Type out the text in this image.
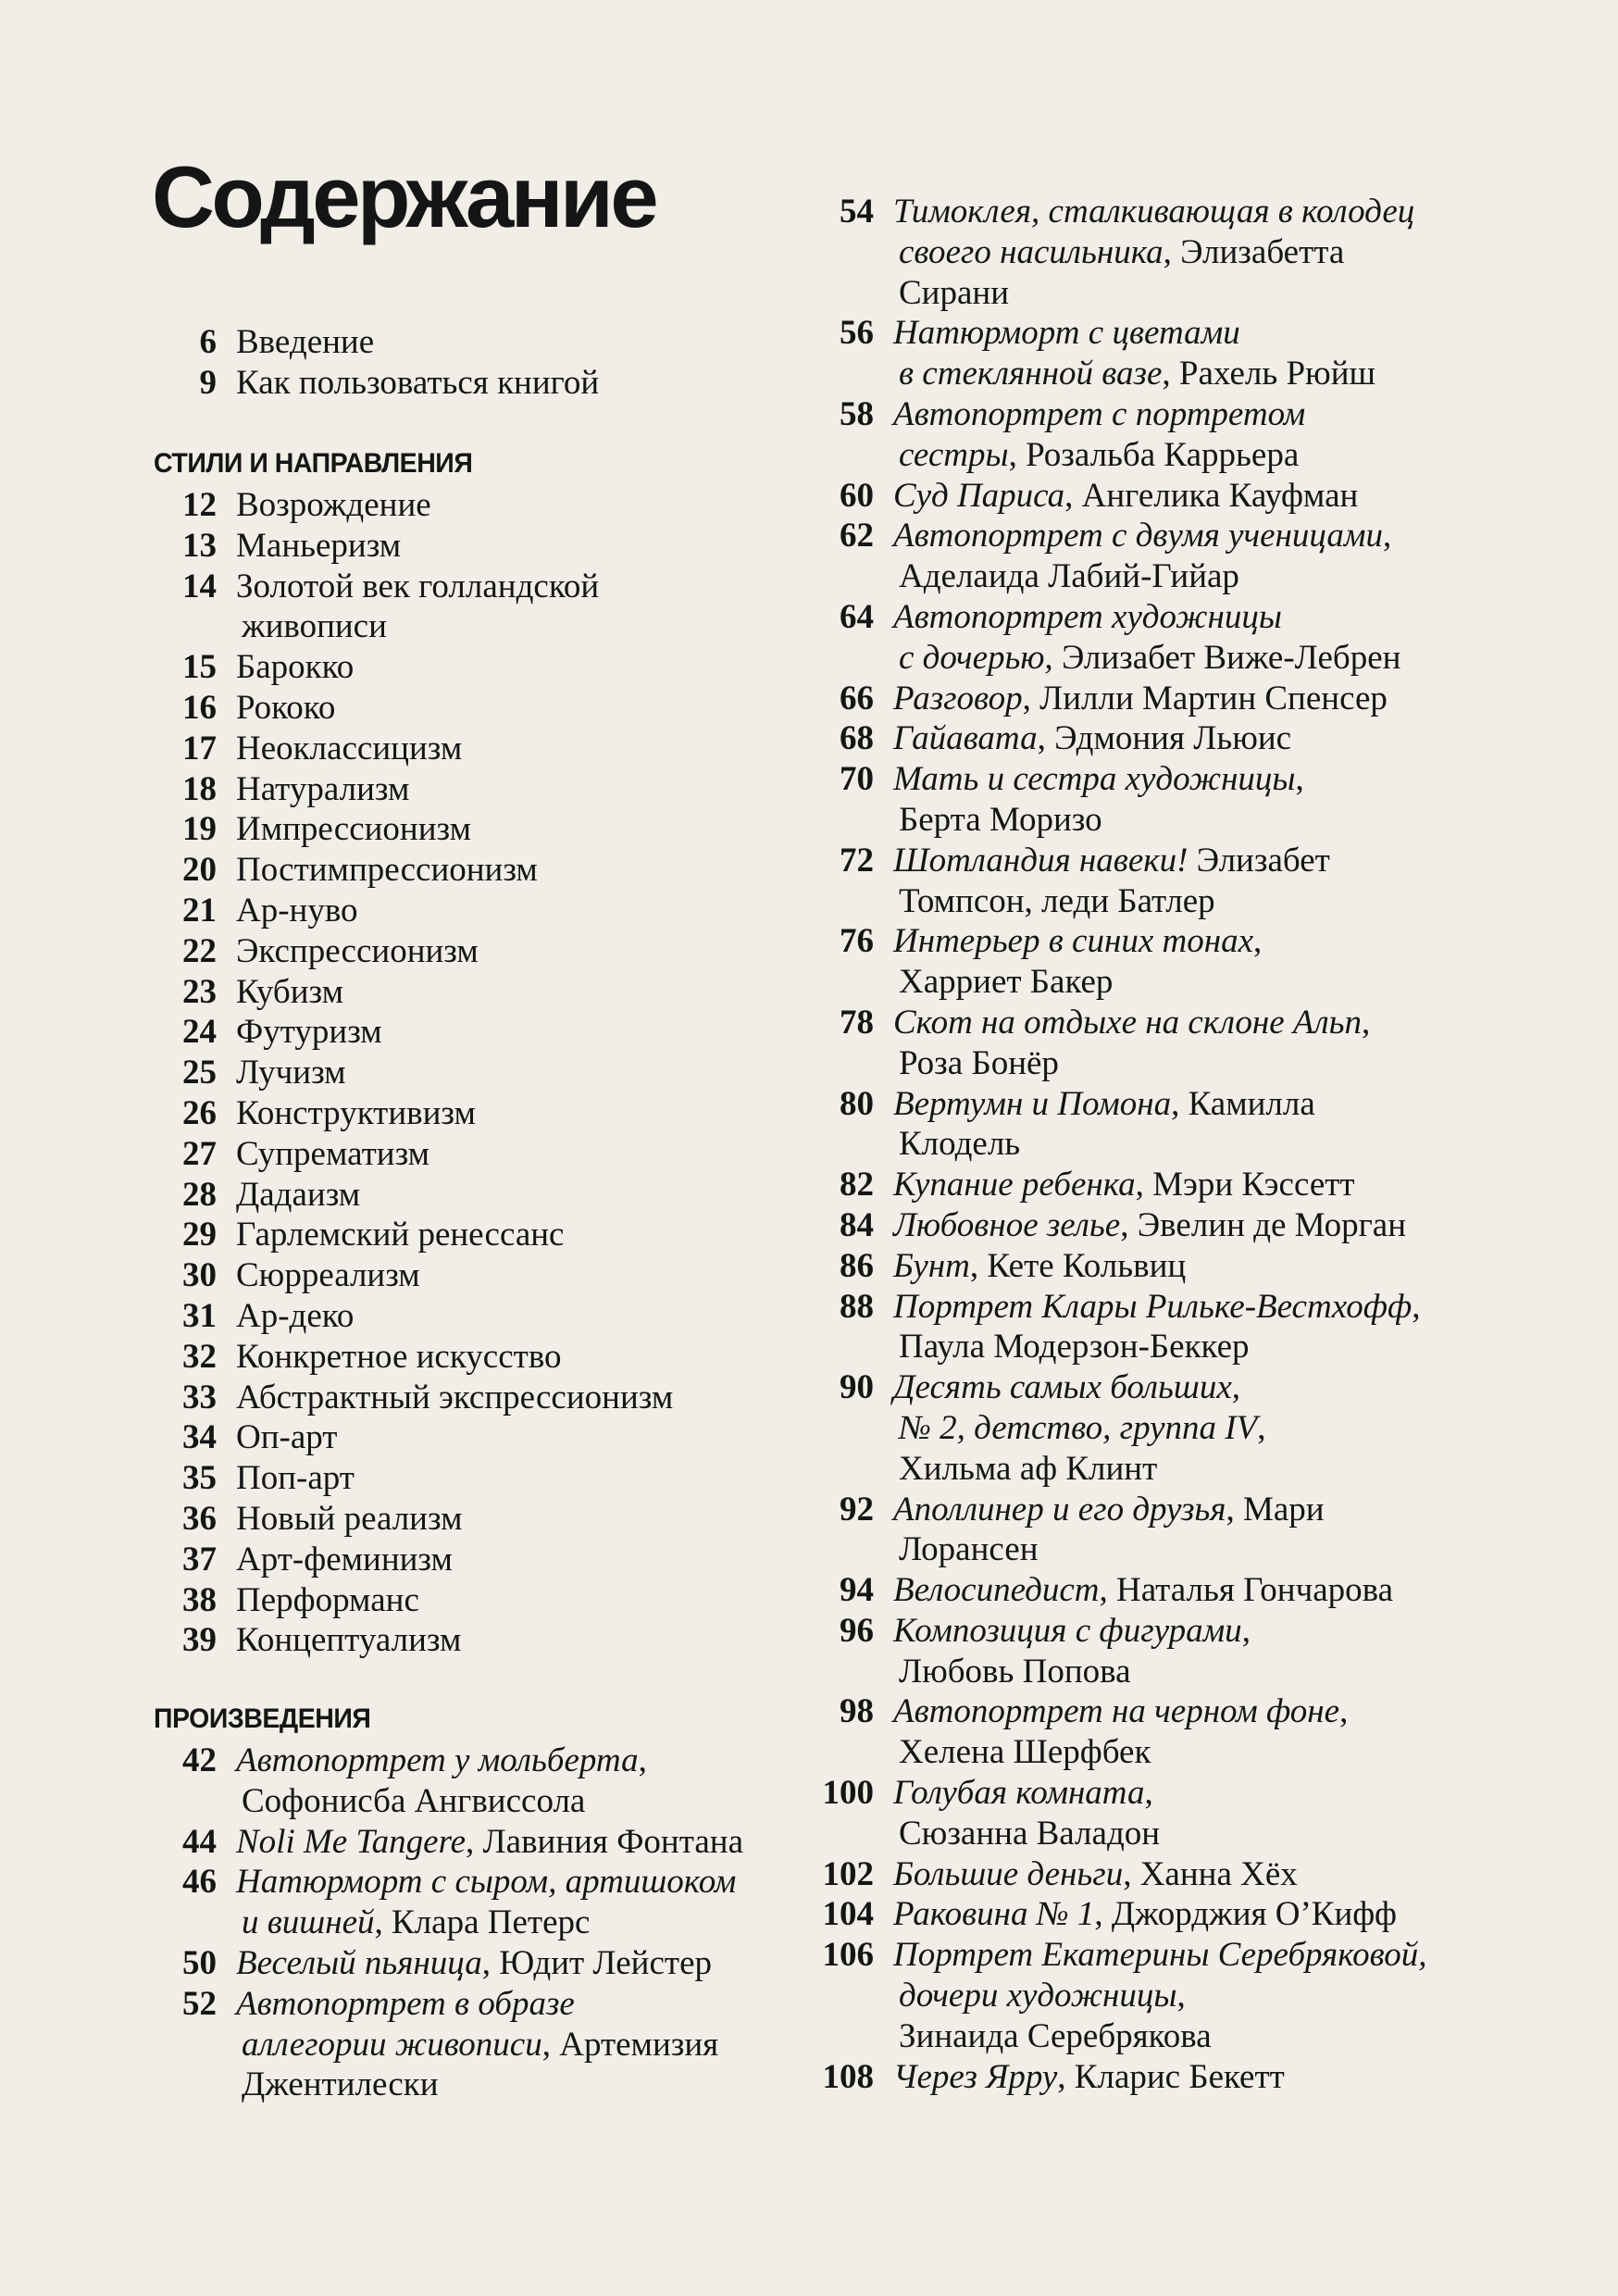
Содержание
6 Введение
9 Как пользоваться книгой
СТИЛИ И НАПРАВЛЕНИЯ
12 Возрождение
13 Маньеризм
14 Золотой век голландской
живописи
15 Барокко
16 Рококо
17 Неоклассицизм
18 Натурализм
19 Импрессионизм
20 Постимпрессионизм
21 Ар-нуво
22 Экспрессионизм
23 Кубизм
24 Футуризм
25 Лучизм
26 Конструктивизм
27 Супрематизм
28 Дадаизм
29 Гарлемский ренессанс
30 Сюрреализм
31 Ар-деко
32 Конкретное искусство
33 Абстрактный экспрессионизм
34 Оп-арт
35 Поп-арт
36 Новый реализм
37 Арт-феминизм
38 Перформанс
39 Концептуализм
ПРОИЗВЕДЕНИЯ
42 Автопортрет у мольберта,
Софонисба Ангвиссола
44 Noli Me Tangere, Лавиния Фонтана
46 Натюрморт с сыром, артишоком
и вишней, Клара Петерс
50 Веселый пьяница, Юдит Лейстер
52 Автопортрет в образе
аллегории живописи, Артемизия
Джентилески
54 Тимоклея, сталкивающая в колодец
своего насильника, Элизабетта
Сирани
56 Натюрморт с цветами
в стеклянной вазе, Рахель Рюйш
58 Автопортрет с портретом
сестры, Розальба Каррьера
60 Суд Париса, Ангелика Кауфман
62 Автопортрет с двумя ученицами,
Аделаида Лабий-Гийар
64 Автопортрет художницы
с дочерью, Элизабет Виже-Лебрен
66 Разговор, Лилли Мартин Спенсер
68 Гайавата, Эдмония Льюис
70 Мать и сестра художницы,
Берта Моризо
72 Шотландия навеки! Элизабет
Томпсон, леди Батлер
76 Интерьер в синих тонах,
Харриет Бакер
78 Скот на отдыхе на склоне Альп,
Роза Бонёр
80 Вертумн и Помона, Камилла
Клодель
82 Купание ребенка, Мэри Кэссетт
84 Любовное зелье, Эвелин де Морган
86 Бунт, Кете Кольвиц
88 Портрет Клары Рильке-Вестхофф,
Паула Модерзон-Беккер
90 Десять самых больших,
№ 2, детство, группа IV,
Хильма аф Клинт
92 Аполлинер и его друзья, Мари
Лорансен
94 Велосипедист, Наталья Гончарова
96 Композиция с фигурами,
Любовь Попова
98 Автопортрет на черном фоне,
Хелена Шерфбек
100 Голубая комната,
Сюзанна Валадон
102 Большие деньги, Ханна Хёх
104 Раковина № 1, Джорджия О’Кифф
106 Портрет Екатерины Серебряковой,
дочери художницы,
Зинаида Серебрякова
108 Через Ярру, Кларис Бекетт
